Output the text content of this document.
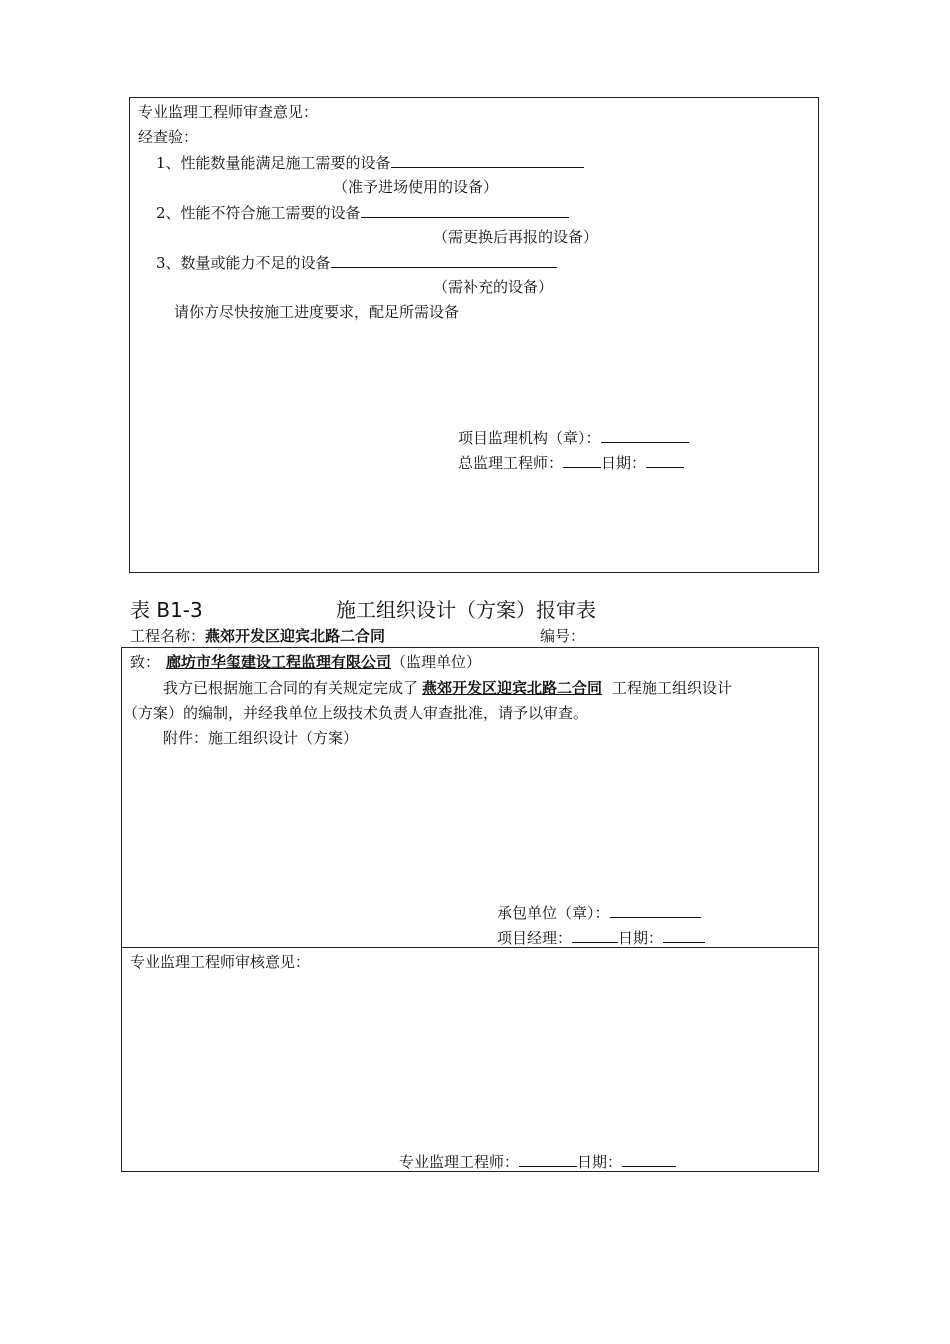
专业监理工程师审查意见：
经查验：
1、性能数量能满足施工需要的设备
（准予进场使用的设备）
2、性能不符合施工需要的设备
（需更换后再报的设备）
3、数量或能力不足的设备
（需补充的设备）
请你方尽快按施工进度要求，配足所需设备
项目监理机构（章）：
总监理工程师：	日期：
表 B1-3	施工组织设计（方案）报审表
工程名称：燕郊开发区迎宾北路二合同	编号：
致： 廊坊市华玺建设工程监理有限公司（监理单位）
我方已根据施工合同的有关规定完成了 燕郊开发区迎宾北路二合同 工程施工组织设计
（方案）的编制，并经我单位上级技术负责人审查批准，请予以审查。
附件：施工组织设计（方案）
承包单位（章）：
项目经理：	日期：
专业监理工程师审核意见：
专业监理工程师：	日期：
